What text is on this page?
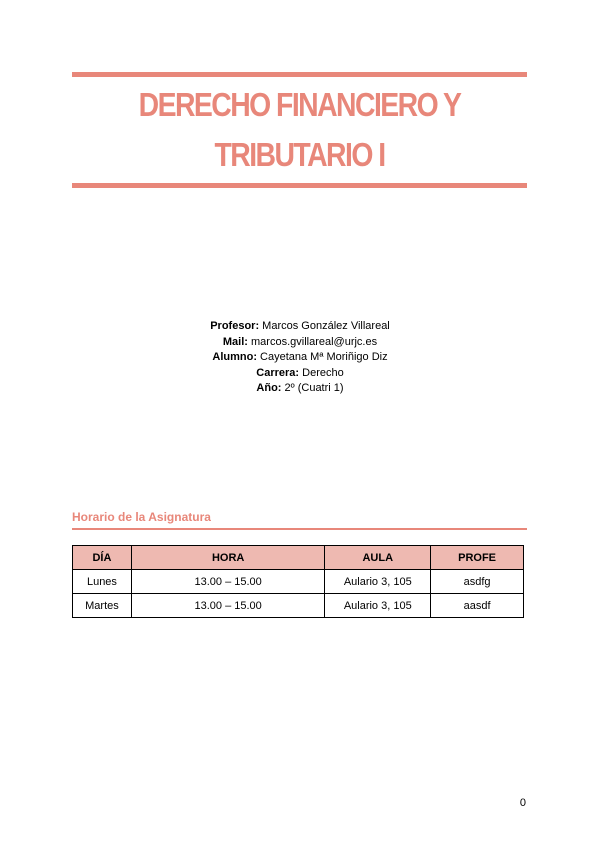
DERECHO FINANCIERO Y
TRIBUTARIO I
Profesor: Marcos González Villareal
Mail: marcos.gvillareal@urjc.es
Alumno: Cayetana Mª Moriñigo Diz
Carrera: Derecho
Año: 2º (Cuatri 1)
Horario de la Asignatura
DÍA	HORA	AULA	PROFE
Lunes	13.00 – 15.00	Aulario 3, 105	asdfg
Martes	13.00 – 15.00	Aulario 3, 105	aasdf
0
